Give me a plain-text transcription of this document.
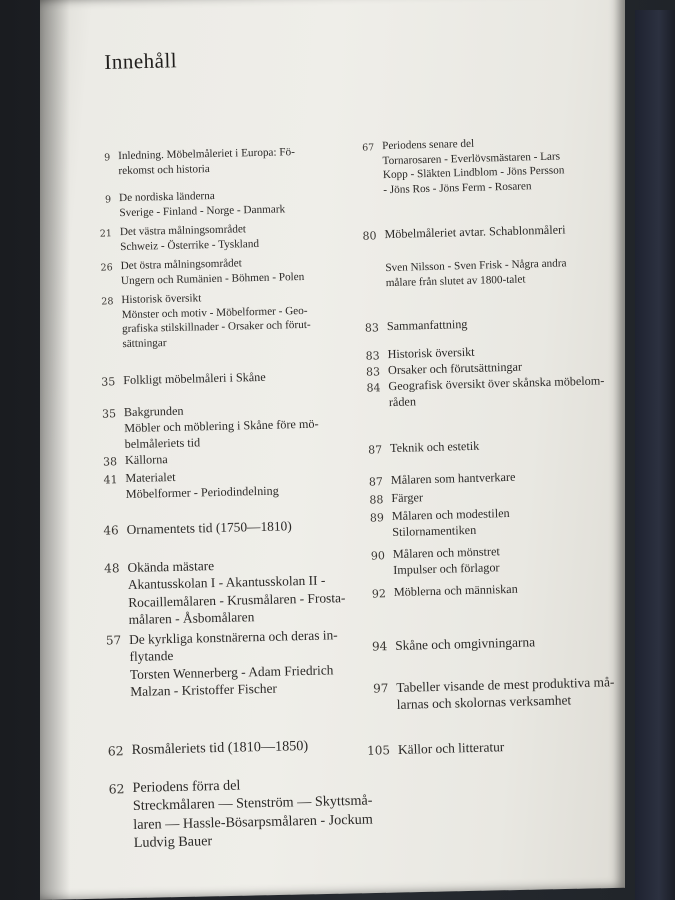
Innehåll
9 Inledning. Möbelmåleriet i Europa: Fö-
rekomst och historia
9 De nordiska länderna
Sverige - Finland - Norge - Danmark
21 Det västra målningsområdet
Schweiz - Österrike - Tyskland
26 Det östra målningsområdet
Ungern och Rumänien - Böhmen - Polen
28 Historisk översikt
Mönster och motiv - Möbelformer - Geo-
grafiska stilskillnader - Orsaker och förut-
sättningar
35 Folkligt möbelmåleri i Skåne
35 Bakgrunden
Möbler och möblering i Skåne före mö-
belmåleriets tid
Källorna
38
41 Materialet
Möbelformer - Periodindelning
46 Ornamentets tid (1750—1810)
48 Okända mästare
Akantusskolan I - Akantusskolan II -
Rocaillemålaren - Krusmålaren - Frosta-
målaren - Åsbomålaren
57 De kyrkliga konstnärerna och deras in-
flytande
Torsten Wennerberg - Adam Friedrich
Malzan - Kristoffer Fischer
62 Rosmåleriets tid (1810—1850)
62 Periodens förra del
Streckmålaren — Stenström — Skyttsmå-
laren — Hassle-Bösarpsmålaren - Jockum
Ludvig Bauer
67 Periodens senare del
Tornarosaren - Everlövsmästaren - Lars
Kopp - Släkten Lindblom - Jöns Persson
- Jöns Ros - Jöns Ferm - Rosaren
80 Möbelmåleriet avtar. Schablonmåleri
Sven Nilsson - Sven Frisk - Några andra
målare från slutet av 1800-talet
83 Sammanfattning
83 Historisk översikt
83 Orsaker och förutsättningar
84 Geografisk översikt över skånska möbelom-
råden
87 Teknik och estetik
87 Målaren som hantverkare
88 Färger
89 Målaren och modestilen
Stilornamentiken
90 Målaren och mönstret
Impulser och förlagor
92 Möblerna och människan
94 Skåne och omgivningarna
97 Tabeller visande de mest produktiva må-
larnas och skolornas verksamhet
105 Källor och litteratur
